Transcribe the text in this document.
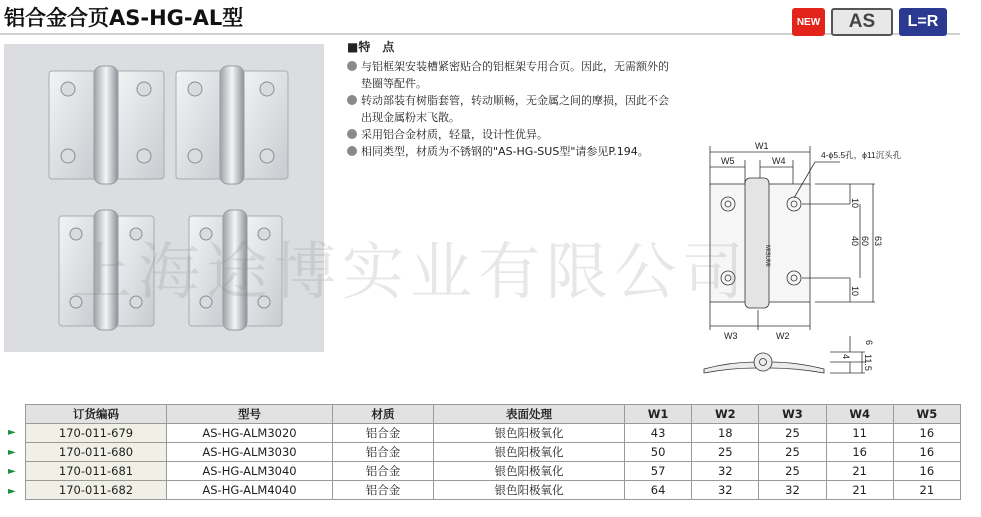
铝合金合页AS-HG-AL型	NEW	AS	L=R
■特　点
与铝框架安装槽紧密贴合的铝框架专用合页。因此，无需额外的垫圈等配件。
转动部装有树脂套管，转动顺畅，无金属之间的摩损，因此不会出现金属粉末飞散。
采用铝合金材质，轻量，设计性优异。
相同类型，材质为不锈钢的"AS-HG-SUS型"请参见P.194。	W1
W5	W4
4-ϕ5.5孔，ϕ11沉头孔
MISUMI
W3	W2
10
40 60 63
10
6
4 11.5
上海途博实业有限公司
►
►
►
►
订货编码	型号	材质	表面处理	W1	W2	W3	W4	W5
170-011-679	AS-HG-ALM3020	铝合金	银色阳极氧化	43	18	25	11	16
170-011-680	AS-HG-ALM3030	铝合金	银色阳极氧化	50	25	25	16	16
170-011-681	AS-HG-ALM3040	铝合金	银色阳极氧化	57	32	25	21	16
170-011-682	AS-HG-ALM4040	铝合金	银色阳极氧化	64	32	32	21	21
